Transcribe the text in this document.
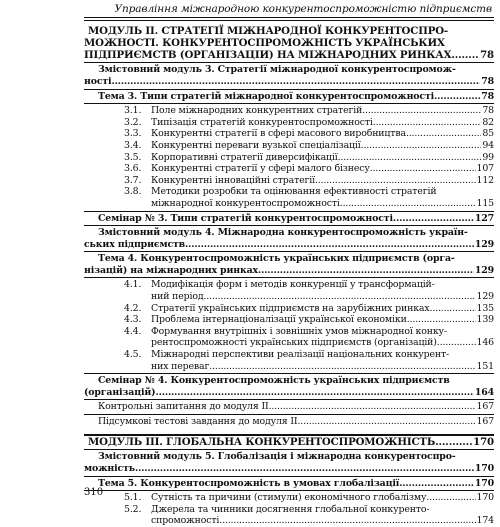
Управління міжнародною конкурентоспроможністю підприємств
МОДУЛЬ ІІ. СТРАТЕГІЇ МІЖНАРОДНОЇ КОНКУРЕНТОСПРО-
МОЖНОСТІ. КОНКУРЕНТОСПРОМОЖНІСТЬ УКРАЇНСЬКИХ
ПІДПРИЄМСТВ (ОРГАНІЗАЦІЙ) НА МІЖНАРОДНИХ РИНКАХ .....	78
Змістовний модуль 3. Стратегії міжнародної конкурентоспромож-
ності .....	78
Тема 3. Типи стратегій міжнародної конкурентоспроможності .....	78
3.1. Поле міжнародних конкурентних стратегій .....	78
3.2. Типізація стратегій конкурентоспроможності .....	82
3.3. Конкурентні стратегії в сфері масового виробництва .....	85
3.4. Конкурентні переваги вузької спеціалізації .....	94
3.5. Корпоративні стратегії диверсифікації .....	99
3.6. Конкурентні стратегії у сфері малого бізнесу .....	107
3.7. Конкурентні інноваційні стратегії .....	112
3.8. Методики розробки та оцінювання ефективності стратегій
міжнародної конкурентоспроможності .....	115
Семінар № 3. Типи стратегій конкурентоспроможності .....	127
Змістовний модуль 4. Міжнародна конкурентоспроможність україн-
ських підприємств .....	129
Тема 4. Конкурентоспроможність українських підприємств (орга-
нізацій) на міжнародних ринках .....	129
4.1. Модифікація форм і методів конкуренції у трансформацій-
ний період .....	129
4.2. Стратегії українських підприємств на зарубіжних ринках .....	135
4.3. Проблема інтернаціоналізації української економіки .....	139
4.4. Формування внутрішніх і зовнішніх умов міжнародної конку-
рентоспроможності українських підприємств (організацій) .....	146
4.5. Міжнародні перспективи реалізації національних конкурент-
них переваг .....	151
Семінар № 4. Конкурентоспроможність українських підприємств
(організацій) .....	164
Контрольні запитання до модуля ІІ .....	167
Підсумкові тестові завдання до модуля ІІ .....	167
МОДУЛЬ ІІІ. ГЛОБАЛЬНА КОНКУРЕНТОСПРОМОЖНІСТЬ .....	170
Змістовний модуль 5. Глобалізація і міжнародна конкурентоспро-
можність .....	170
Тема 5. Конкурентоспроможність в умовах глобалізації .....	170
5.1. Сутність та причини (стимули) економічного глобалізму .....	170
5.2. Джерела та чинники досягнення глобальної конкуренто-
спроможності .....	174
310
